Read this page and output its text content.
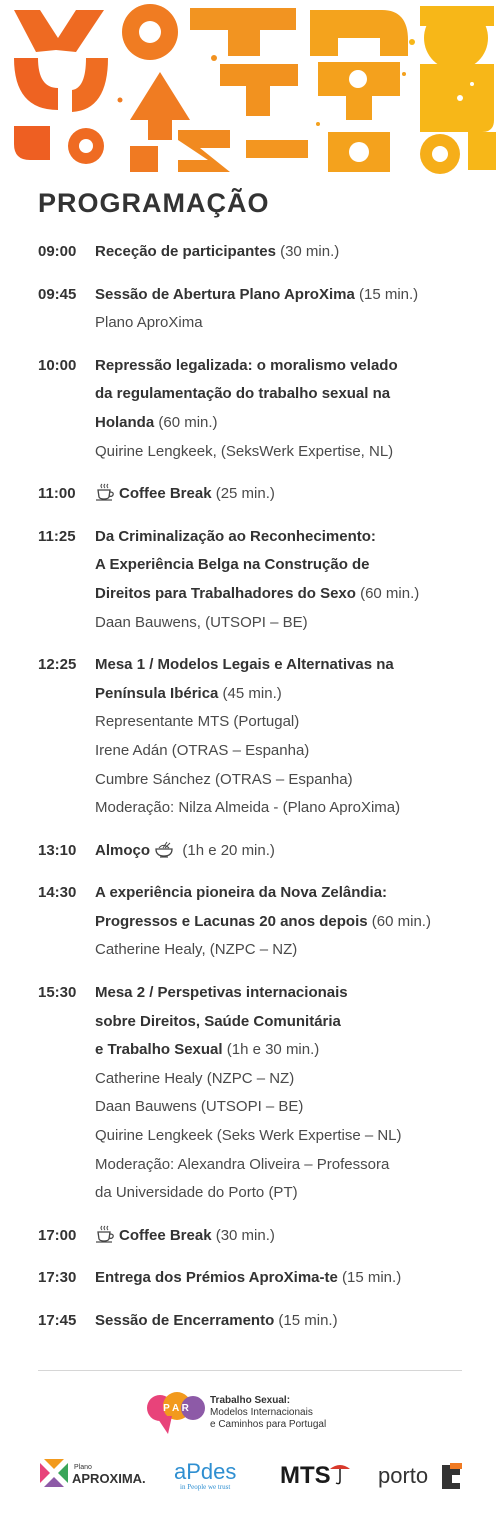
PROGRAMAÇÃO
09:00	Receção de participantes (30 min.)
09:45	Sessão de Abertura Plano AproXima (15 min.)
Plano AproXima
10:00	Repressão legalizada: o moralismo velado
da regulamentação do trabalho sexual na
Holanda (60 min.)
Quirine Lengkeek, (SeksWerk Expertise, NL)
11:00	Coffee Break (25 min.)
11:25	Da Criminalização ao Reconhecimento:
A Experiência Belga na Construção de
Direitos para Trabalhadores do Sexo (60 min.)
Daan Bauwens, (UTSOPI – BE)
12:25	Mesa 1 / Modelos Legais e Alternativas na
Península Ibérica (45 min.)
Representante MTS (Portugal)
Irene Adán (OTRAS – Espanha)
Cumbre Sánchez (OTRAS – Espanha)
Moderação: Nilza Almeida - (Plano AproXima)
13:10	Almoço  (1h e 20 min.)
14:30	A experiência pioneira da Nova Zelândia:
Progressos e Lacunas 20 anos depois (60 min.)
Catherine Healy, (NZPC – NZ)
15:30	Mesa 2 / Perspetivas internacionais
sobre Direitos, Saúde Comunitária
e Trabalho Sexual (1h e 30 min.)
Catherine Healy (NZPC – NZ)
Daan Bauwens (UTSOPI – BE)
Quirine Lengkeek (Seks Werk Expertise – NL)
Moderação: Alexandra Oliveira – Professora
da Universidade do Porto (PT)
17:00	Coffee Break (30 min.)
17:30	Entrega dos Prémios AproXima-te (15 min.)
17:45	Sessão de Encerramento (15 min.)
P A R
Trabalho Sexual:
Modelos Internacionais
e Caminhos para Portugal
Plano
APROXIMA. aPdes
in People we trust MTS porto
